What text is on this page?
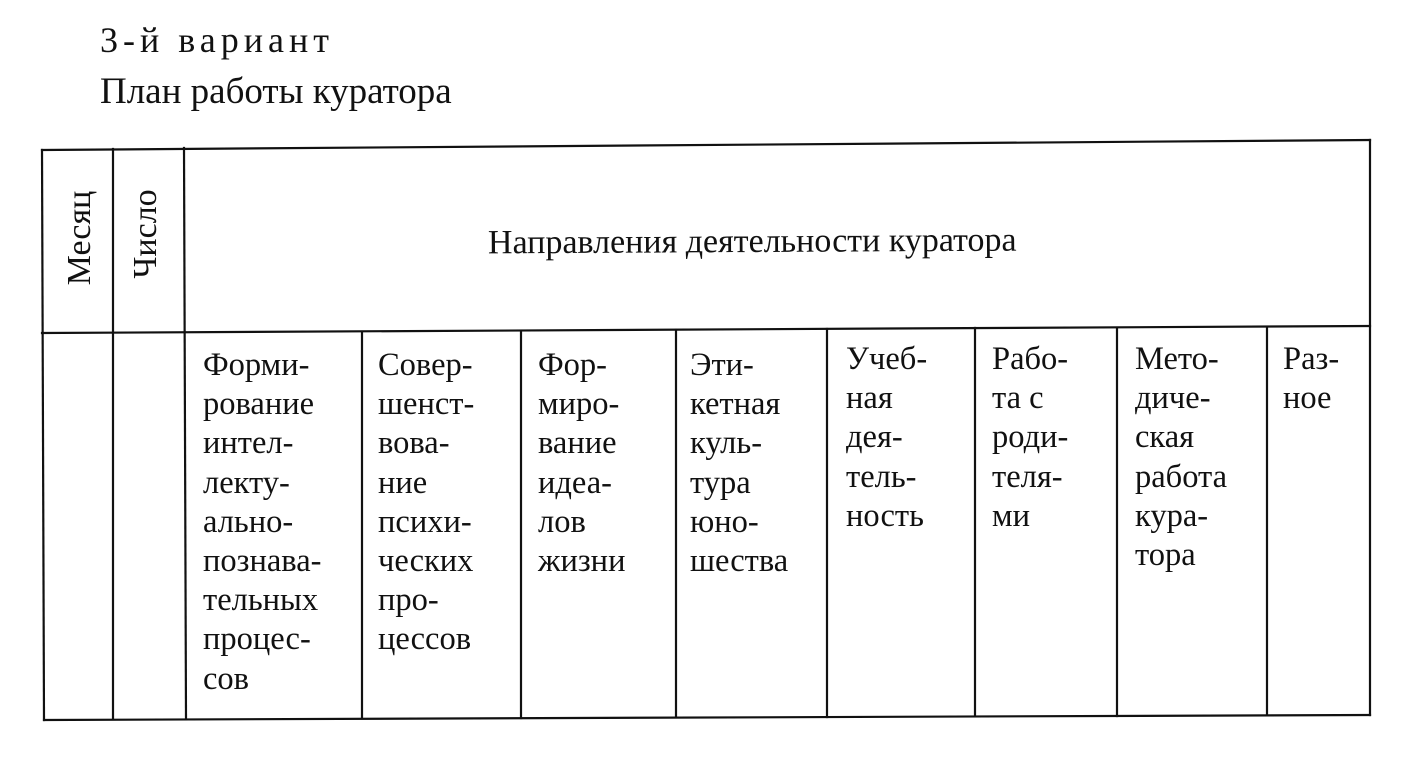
3-й вариант
План работы куратора
Месяц Число	Направления деятельности куратора
Форми-
рование
интел-
лекту-
ально-
познава-
тельных
процес-
сов
Совер-
шенст-
вова-
ние
психи-
ческих
про-
цессов
Фор-
миро-
вание
идеа-
лов
жизни
Эти-
кетная
куль-
тура
юно-
шества
Учеб-
ная
дея-
тель-
ность
Рабо-
та с
роди-
теля-
ми
Мето-
диче-
ская
работа
кура-
тора
Раз-
ное
